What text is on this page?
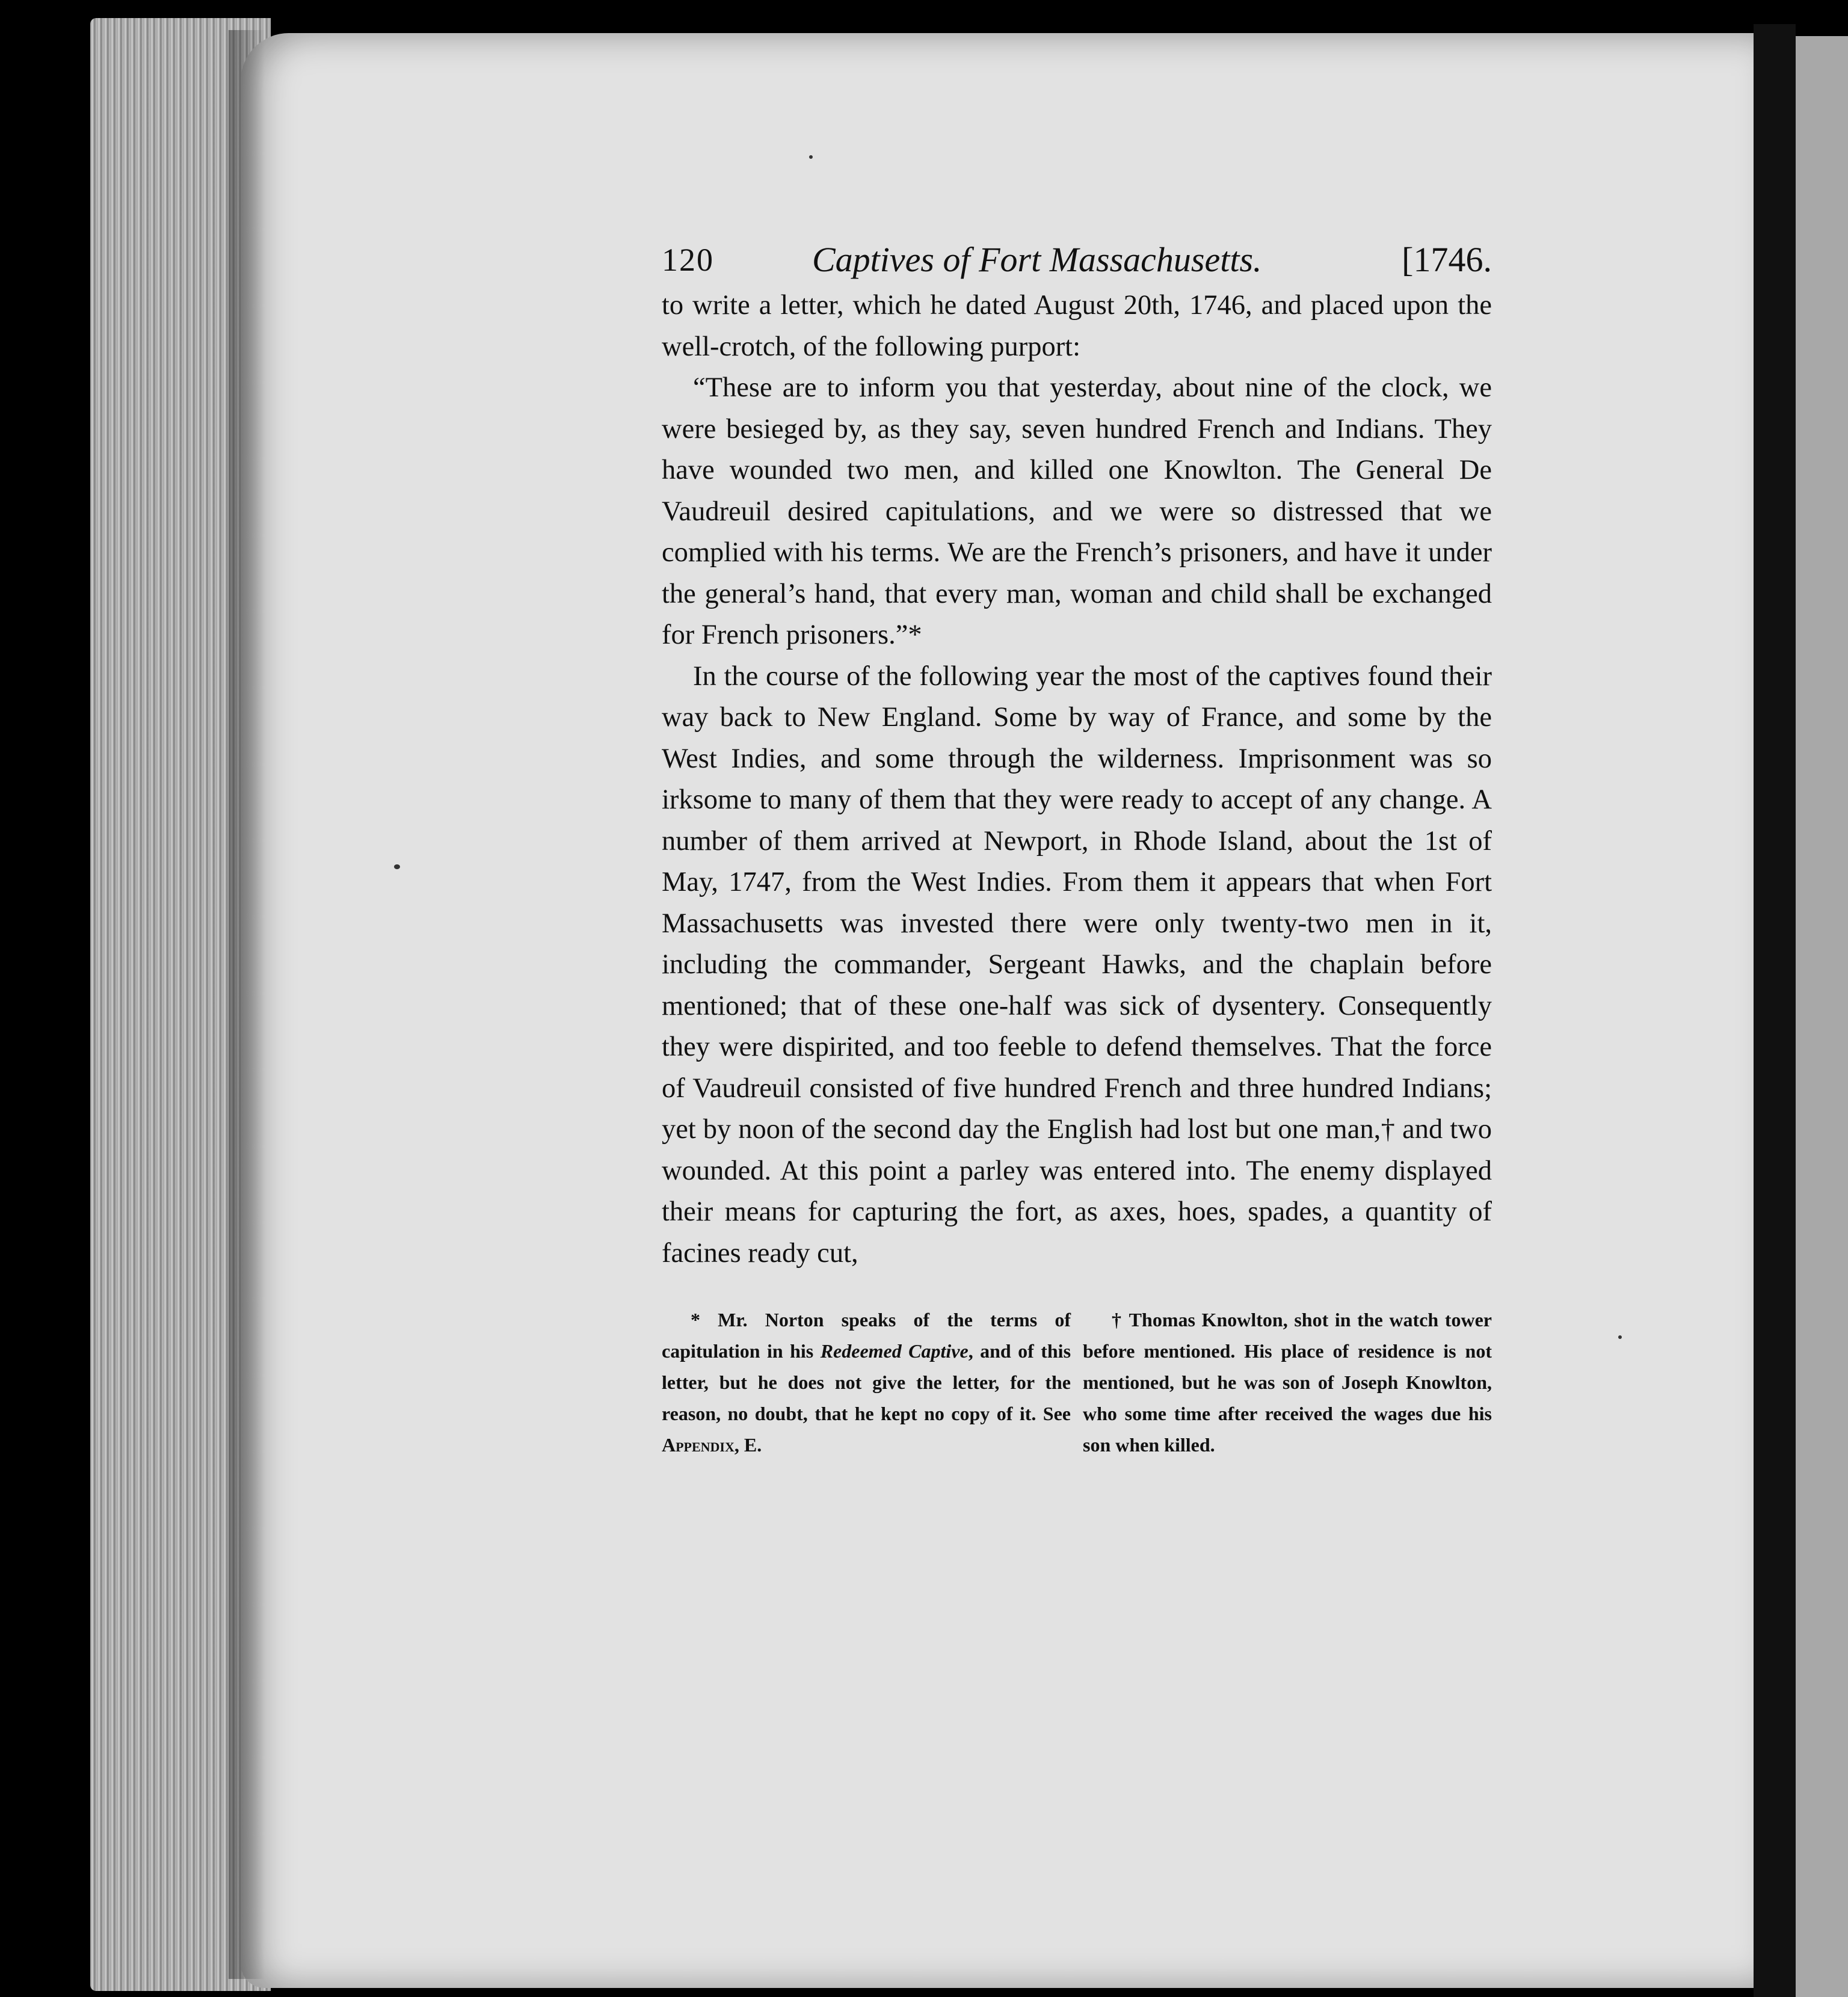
120	Captives of Fort Massachusetts.	[1746.

to write a letter, which he dated August 20th, 1746, and placed upon the well-crotch, of the following purport:

“These are to inform you that yesterday, about nine of the clock, we were besieged by, as they say, seven hundred French and Indians. They have wounded two men, and killed one Knowlton. The General De Vaudreuil desired capitulations, and we were so distressed that we complied with his terms. We are the French’s prisoners, and have it under the general’s hand, that every man, woman and child shall be exchanged for French prisoners.”*

In the course of the following year the most of the captives found their way back to New England. Some by way of France, and some by the West Indies, and some through the wilderness. Imprisonment was so irksome to many of them that they were ready to accept of any change. A number of them arrived at Newport, in Rhode Island, about the 1st of May, 1747, from the West Indies. From them it appears that when Fort Massachusetts was invested there were only twenty-two men in it, including the commander, Sergeant Hawks, and the chaplain before mentioned; that of these one-half was sick of dysentery. Consequently they were dispirited, and too feeble to defend themselves. That the force of Vaudreuil consisted of five hundred French and three hundred Indians; yet by noon of the second day the English had lost but one man,† and two wounded. At this point a parley was entered into. The enemy displayed their means for capturing the fort, as axes, hoes, spades, a quantity of facines ready cut,

* Mr. Norton speaks of the terms of capitulation in his Redeemed Captive, and of this letter, but he does not give the letter, for the reason, no doubt, that he kept no copy of it. See Appendix, E.
† Thomas Knowlton, shot in the watch tower before mentioned. His place of residence is not mentioned, but he was son of Joseph Knowlton, who some time after received the wages due his son when killed.
